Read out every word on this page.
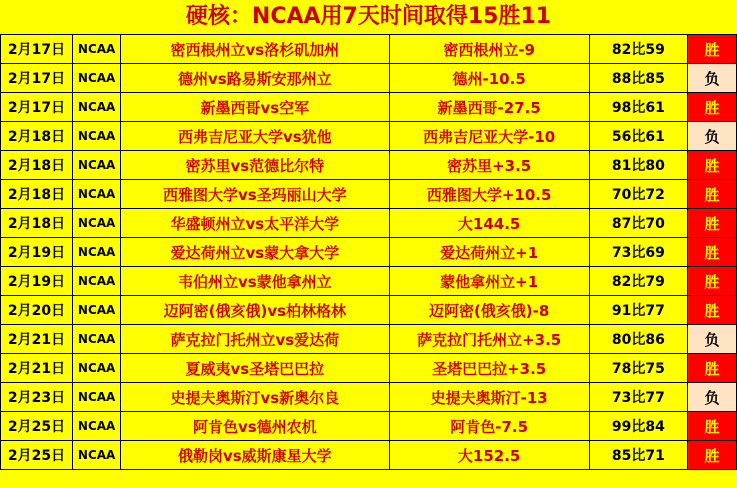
硬核：NCAA用7天时间取得15胜11
2月17日	NCAA	密西根州立vs洛杉矶加州	密西根州立-9	82比59	胜
2月17日	NCAA	德州vs路易斯安那州立	德州-10.5	88比85	负
2月17日	NCAA	新墨西哥vs空军	新墨西哥-27.5	98比61	胜
2月18日	NCAA	西弗吉尼亚大学vs犹他	西弗吉尼亚大学-10	56比61	负
2月18日	NCAA	密苏里vs范德比尔特	密苏里+3.5	81比80	胜
2月18日	NCAA	西雅图大学vs圣玛丽山大学	西雅图大学+10.5	70比72	胜
2月18日	NCAA	华盛顿州立vs太平洋大学	大144.5	87比70	胜
2月19日	NCAA	爱达荷州立vs蒙大拿大学	爱达荷州立+1	73比69	胜
2月19日	NCAA	韦伯州立vs蒙他拿州立	蒙他拿州立+1	82比79	胜
2月20日	NCAA	迈阿密(俄亥俄)vs柏林格林	迈阿密(俄亥俄)-8	91比77	胜
2月21日	NCAA	萨克拉门托州立vs爱达荷	萨克拉门托州立+3.5	80比86	负
2月21日	NCAA	夏威夷vs圣塔巴巴拉	圣塔巴巴拉+3.5	78比75	胜
2月23日	NCAA	史提夫奥斯汀vs新奥尔良	史提夫奥斯汀-13	73比77	负
2月25日	NCAA	阿肯色vs德州农机	阿肯色-7.5	99比84	胜
2月25日	NCAA	俄勒岗vs威斯康星大学	大152.5	85比71	胜
